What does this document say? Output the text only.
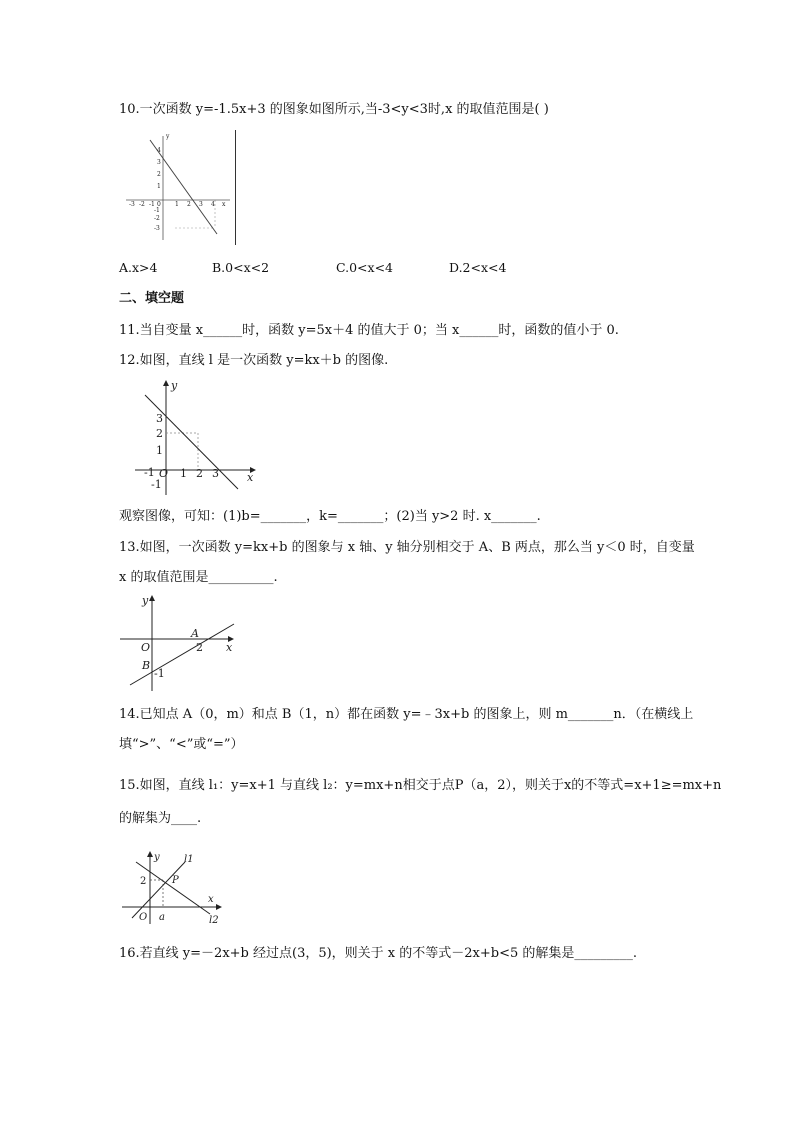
10.一次函数 y=-1.5x+3 的图象如图所示,当-3<y<3时,x 的取值范围是( )
-3 -2 -1 0 1 2 3 4 x
y
4
3
2
1
-1
-2
-3
A.x>4	B.0<x<2	C.0<x<4	D.2<x<4
二、填空题
11.当自变量 x______时，函数 y=5x＋4 的值大于 0；当 x______时，函数的值小于 0.
12.如图，直线 l 是一次函数 y=kx＋b 的图像.
y
x
3
2
1
-1
-1 O 1 2 3
观察图像，可知：(1)b=_______，k=_______；(2)当 y>2 时. x_______.
13.如图，一次函数 y=kx+b 的图象与 x 轴、y 轴分别相交于 A、B 两点，那么当 y＜0 时，自变量
x 的取值范围是__________.
y
x
O
A
B
2
-1
14.已知点 A（0，m）和点 B（1，n）都在函数 y=﹣3x+b 的图象上，则 m_______n．（在横线上
填“>”、“<”或“=”）
15.如图，直线 l₁：y=x+1 与直线 l₂：y=mx+n相交于点P（a，2），则关于x的不等式=x+1≥=mx+n
的解集为____.
y
x
O
P
a
l1
l2
2
16.若直线 y=－2x+b 经过点(3，5)，则关于 x 的不等式－2x+b<5 的解集是_________.
